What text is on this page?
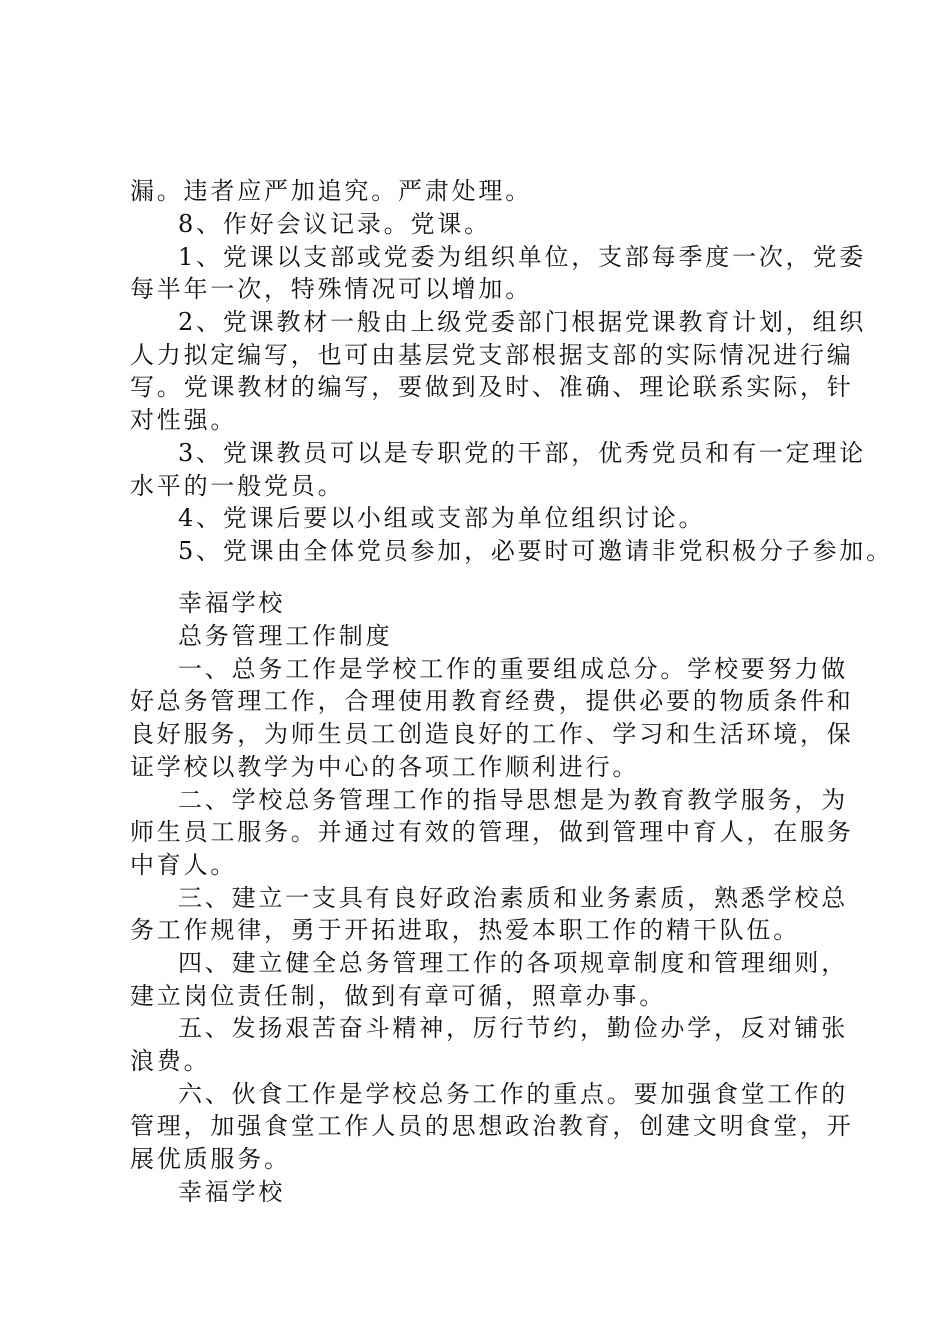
漏。违者应严加追究。严肃处理。
8、作好会议记录。党课。
1、党课以支部或党委为组织单位，支部每季度一次，党委
每半年一次，特殊情况可以增加。
2、党课教材一般由上级党委部门根据党课教育计划，组织
人力拟定编写，也可由基层党支部根据支部的实际情况进行编
写。党课教材的编写，要做到及时、准确、理论联系实际，针
对性强。
3、党课教员可以是专职党的干部，优秀党员和有一定理论
水平的一般党员。
4、党课后要以小组或支部为单位组织讨论。
5、党课由全体党员参加，必要时可邀请非党积极分子参加。
幸福学校
总务管理工作制度
一、总务工作是学校工作的重要组成总分。学校要努力做
好总务管理工作，合理使用教育经费，提供必要的物质条件和
良好服务，为师生员工创造良好的工作、学习和生活环境，保
证学校以教学为中心的各项工作顺利进行。
二、学校总务管理工作的指导思想是为教育教学服务，为
师生员工服务。并通过有效的管理，做到管理中育人，在服务
中育人。
三、建立一支具有良好政治素质和业务素质，熟悉学校总
务工作规律，勇于开拓进取，热爱本职工作的精干队伍。
四、建立健全总务管理工作的各项规章制度和管理细则，
建立岗位责任制，做到有章可循，照章办事。
五、发扬艰苦奋斗精神，厉行节约，勤俭办学，反对铺张
浪费。
六、伙食工作是学校总务工作的重点。要加强食堂工作的
管理，加强食堂工作人员的思想政治教育，创建文明食堂，开
展优质服务。
幸福学校
